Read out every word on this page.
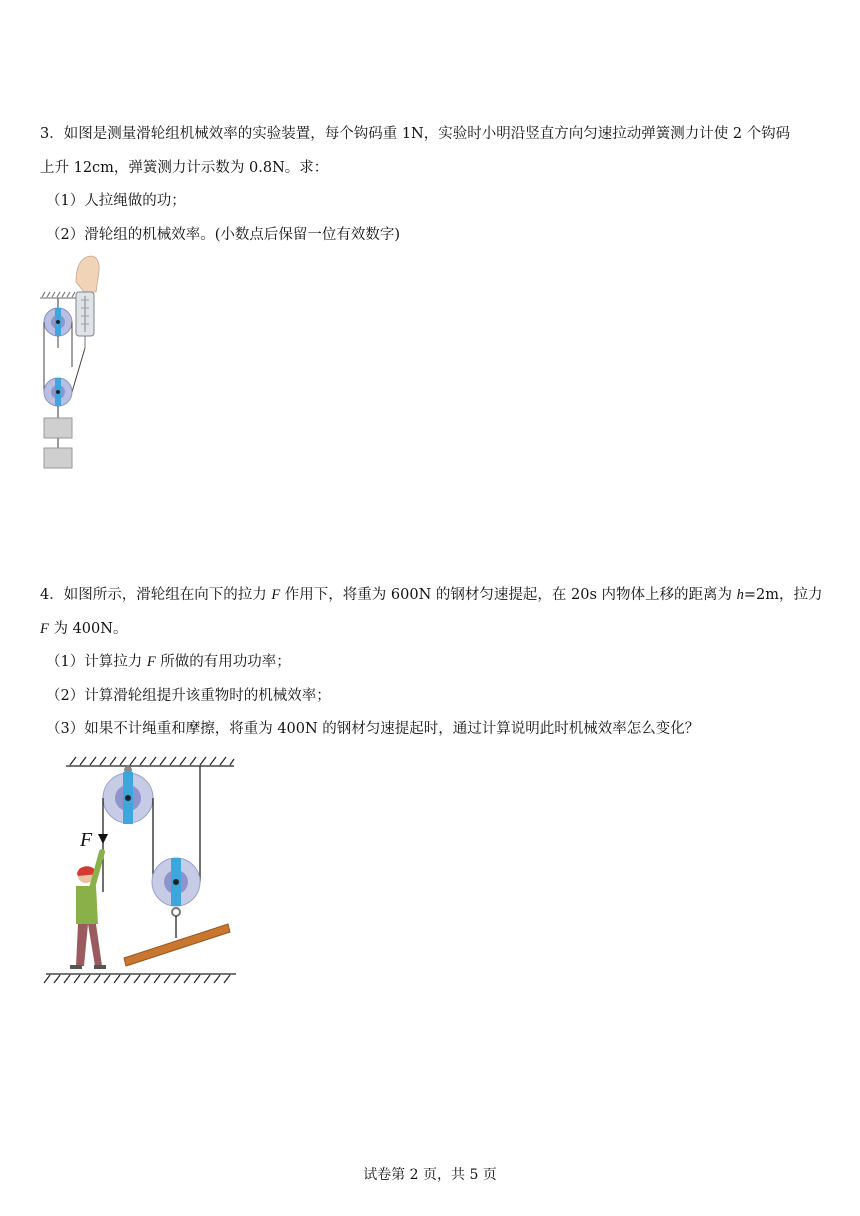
3．如图是测量滑轮组机械效率的实验装置，每个钩码重 1N，实验时小明沿竖直方向匀速拉动弹簧测力计使 2 个钩码
上升 12cm，弹簧测力计示数为 0.8N。求：
（1）人拉绳做的功；
（2）滑轮组的机械效率。(小数点后保留一位有效数字)
4．如图所示，滑轮组在向下的拉力 F 作用下，将重为 600N 的钢材匀速提起，在 20s 内物体上移的距离为 h=2m，拉力
F 为 400N。
（1）计算拉力 F 所做的有用功功率；
（2）计算滑轮组提升该重物时的机械效率；
（3）如果不计绳重和摩擦，将重为 400N 的钢材匀速提起时，通过计算说明此时机械效率怎么变化？
F
试卷第 2 页，共 5 页
